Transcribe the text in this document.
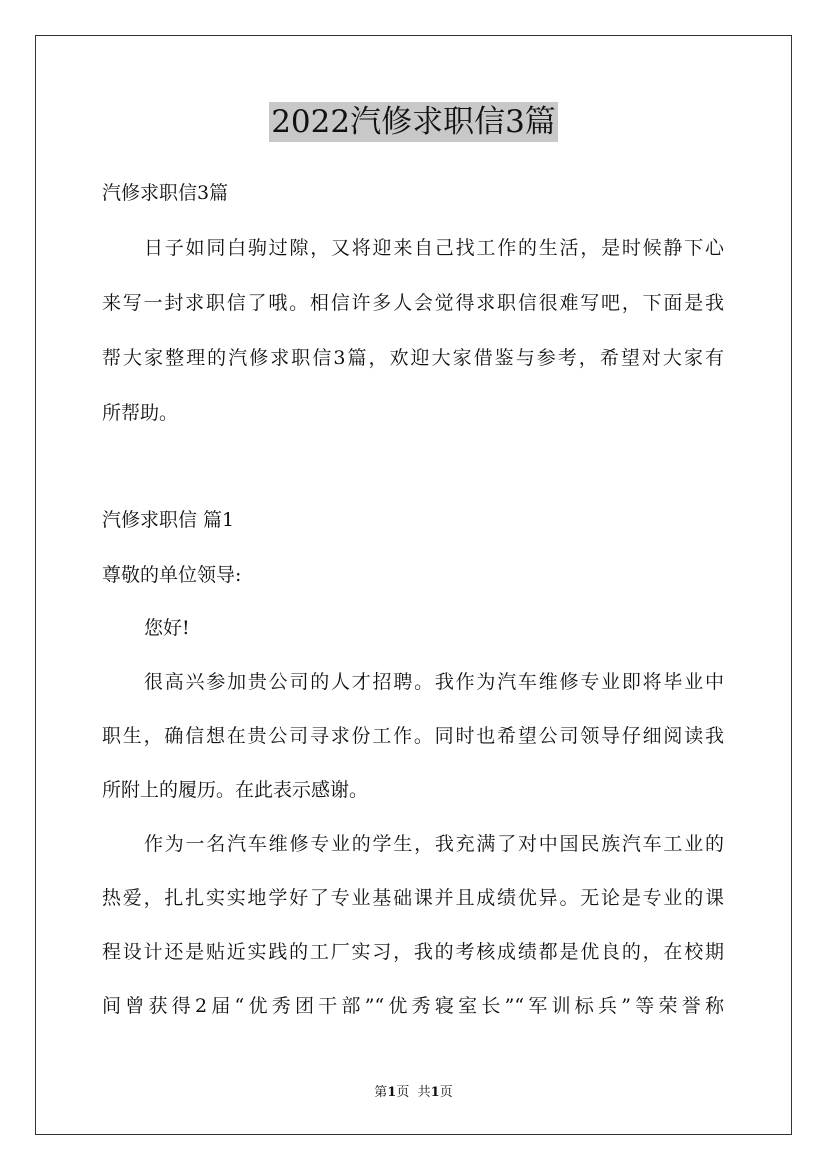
2022汽修求职信3篇
汽修求职信3篇
日子如同白驹过隙，又将迎来自己找工作的生活，是时候静下心
来写一封求职信了哦。相信许多人会觉得求职信很难写吧，下面是我
帮大家整理的汽修求职信3篇，欢迎大家借鉴与参考，希望对大家有
所帮助。
汽修求职信 篇1
尊敬的单位领导:
您好!
很高兴参加贵公司的人才招聘。我作为汽车维修专业即将毕业中
职生，确信想在贵公司寻求份工作。同时也希望公司领导仔细阅读我
所附上的履历。在此表示感谢。
作为一名汽车维修专业的学生，我充满了对中国民族汽车工业的
热爱，扎扎实实地学好了专业基础课并且成绩优异。无论是专业的课
程设计还是贴近实践的工厂实习，我的考核成绩都是优良的，在校期
间曾获得2届“优秀团干部”“优秀寝室长”“军训标兵”等荣誉称
第1页 共1页
